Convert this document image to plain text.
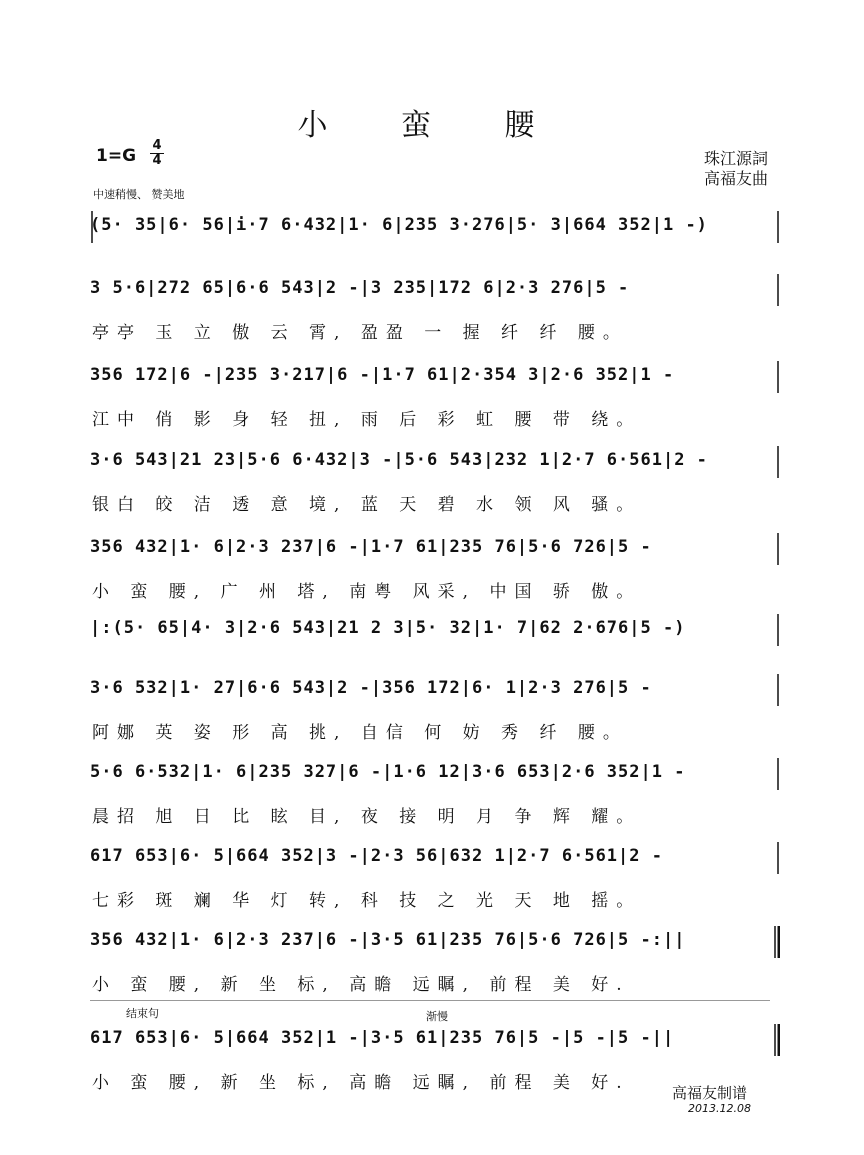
小 蛮 腰
1=G
4
4	珠江源詞
高福友曲
中速稍慢、 赞美地
(5· 35|6· 56|i·7 6·432|1· 6|235 3·276|5· 3|664 352|1 -)
3 5·6|272 65|6·6 543|2 -|3 235|172 6|2·3 276|5 -
亭亭 玉 立 傲 云 霄, 盈盈 一 握 纤 纤 腰。
356 172|6 -|235 3·217|6 -|1·7 61|2·354 3|2·6 352|1 -
江中 俏 影 身 轻 扭, 雨 后 彩 虹 腰 带 绕。
3·6 543|21 23|5·6 6·432|3 -|5·6 543|232 1|2·7 6·561|2 -
银白 皎 洁 透 意 境, 蓝 天 碧 水 领 风 骚。
356 432|1· 6|2·3 237|6 -|1·7 61|235 76|5·6 726|5 -
小 蛮 腰, 广 州 塔, 南粤 风采, 中国 骄 傲。
|:(5· 65|4· 3|2·6 543|21 2 3|5· 32|1· 7|62 2·676|5 -)
3·6 532|1· 27|6·6 543|2 -|356 172|6· 1|2·3 276|5 -
阿娜 英 姿 形 高 挑, 自信 何 妨 秀 纤 腰。
5·6 6·532|1· 6|235 327|6 -|1·6 12|3·6 653|2·6 352|1 -
晨招 旭 日 比 眩 目, 夜 接 明 月 争 辉 耀。
617 653|6· 5|664 352|3 -|2·3 56|632 1|2·7 6·561|2 -
七彩 斑 斓 华 灯 转, 科 技 之 光 天 地 摇。
356 432|1· 6|2·3 237|6 -|3·5 61|235 76|5·6 726|5 -:||
小 蛮 腰, 新 坐 标, 高瞻 远瞩, 前程 美 好.
结束句	渐慢
617 653|6· 5|664 352|1 -|3·5 61|235 76|5 -|5 -|5 -||
小 蛮 腰, 新 坐 标, 高瞻 远瞩, 前程 美 好.	高福友制谱
2013.12.08
